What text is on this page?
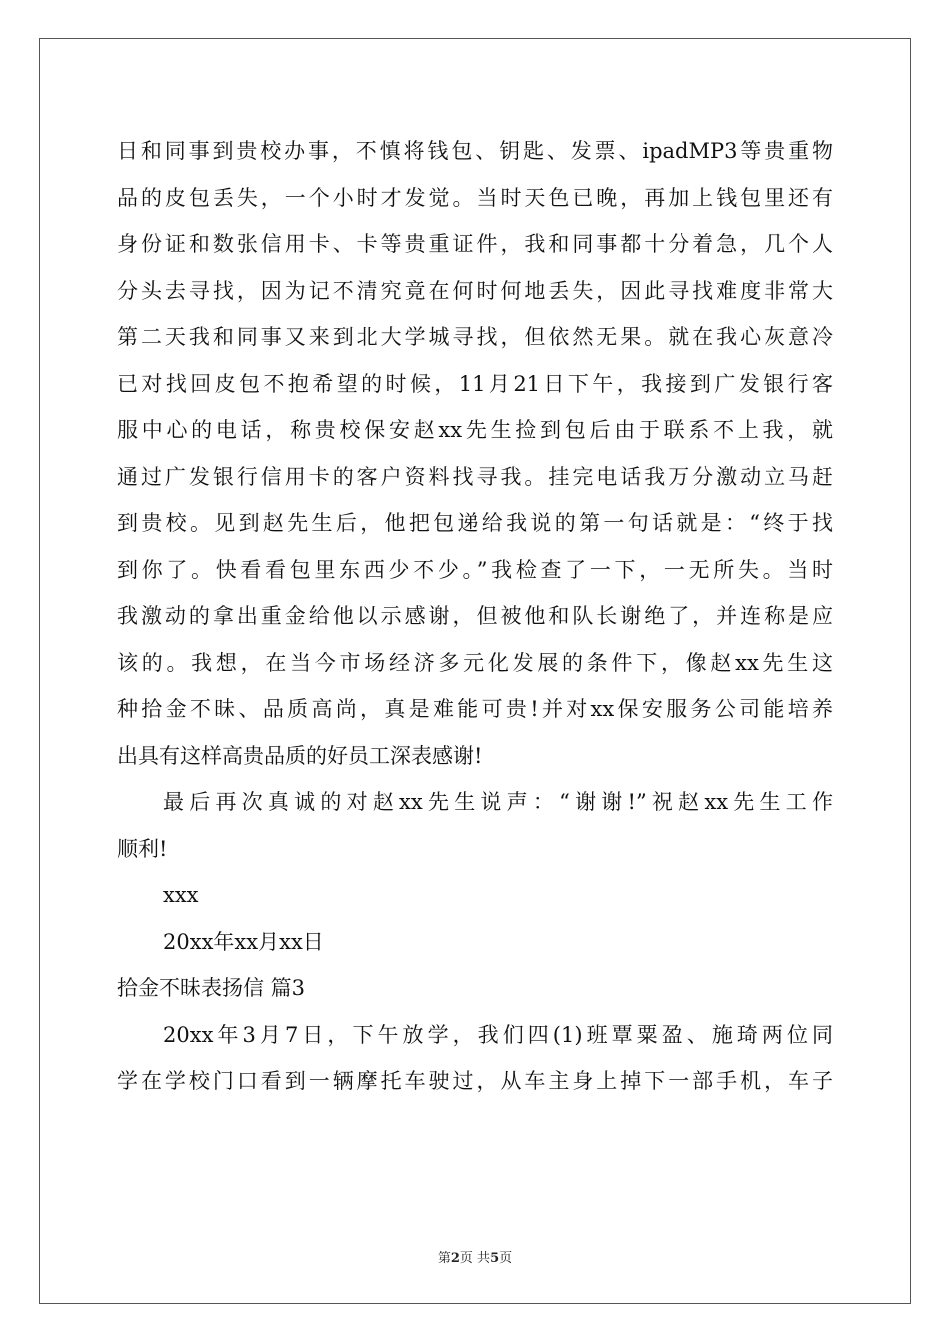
日和同事到贵校办事，不慎将钱包、钥匙、发票、ipadMP3等贵重物
品的皮包丢失，一个小时才发觉。当时天色已晚，再加上钱包里还有
身份证和数张信用卡、卡等贵重证件，我和同事都十分着急，几个人
分头去寻找，因为记不清究竟在何时何地丢失，因此寻找难度非常大
第二天我和同事又来到北大学城寻找，但依然无果。就在我心灰意冷
已对找回皮包不抱希望的时候，11月21日下午，我接到广发银行客
服中心的电话，称贵校保安赵xx先生捡到包后由于联系不上我，就
通过广发银行信用卡的客户资料找寻我。挂完电话我万分激动立马赶
到贵校。见到赵先生后，他把包递给我说的第一句话就是：“终于找
到你了。快看看包里东西少不少。”我检查了一下，一无所失。当时
我激动的拿出重金给他以示感谢，但被他和队长谢绝了，并连称是应
该的。我想，在当今市场经济多元化发展的条件下，像赵xx先生这
种拾金不昧、品质高尚，真是难能可贵!并对xx保安服务公司能培养
出具有这样高贵品质的好员工深表感谢!
最后再次真诚的对赵xx先生说声：“谢谢!”祝赵xx先生工作
顺利!
xxx
20xx年xx月xx日
拾金不昧表扬信 篇3
20xx年3月7日，下午放学，我们四(1)班覃粟盈、施琦两位同
学在学校门口看到一辆摩托车驶过，从车主身上掉下一部手机，车子
第2页 共5页
